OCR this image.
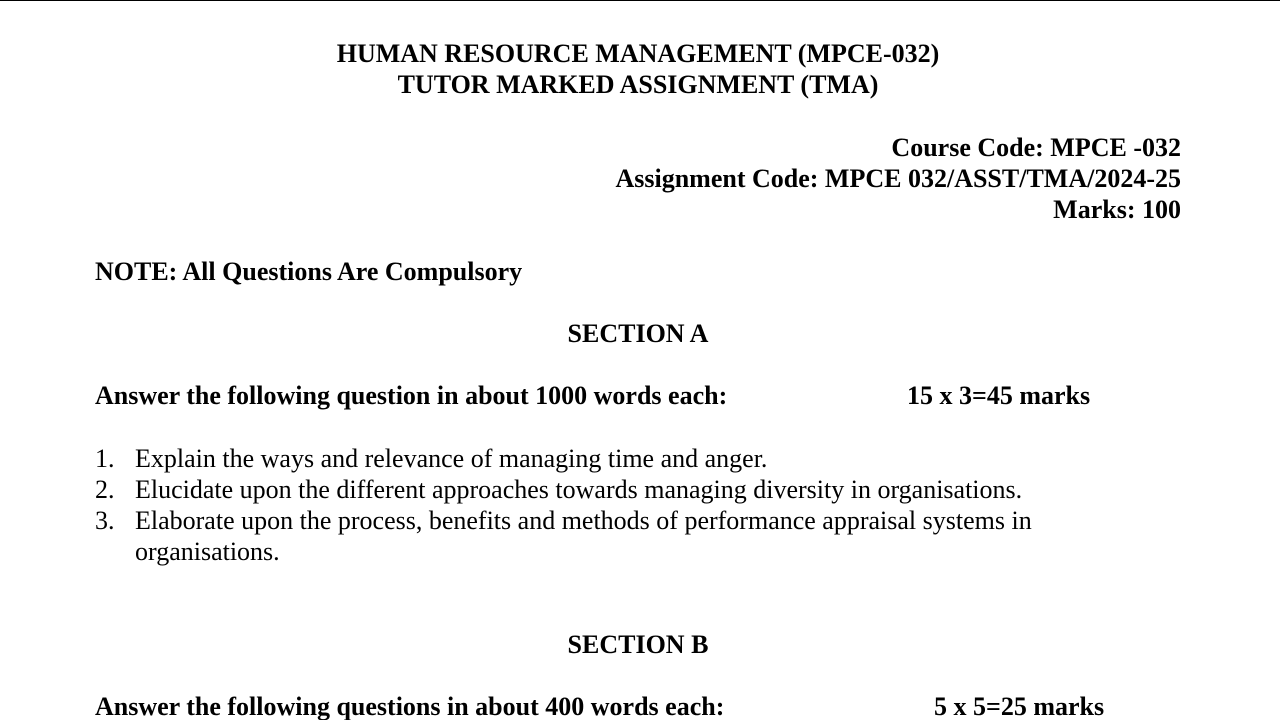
HUMAN RESOURCE MANAGEMENT (MPCE-032)
TUTOR MARKED ASSIGNMENT (TMA)
Course Code: MPCE -032
Assignment Code: MPCE 032/ASST/TMA/2024-25
Marks: 100
NOTE: All Questions Are Compulsory
SECTION A
Answer the following question in about 1000 words each:	15 x 3=45 marks
1. Explain the ways and relevance of managing time and anger.
2. Elucidate upon the different approaches towards managing diversity in organisations.
3. Elaborate upon the process, benefits and methods of performance appraisal systems in organisations.
SECTION B
Answer the following questions in about 400 words each:	5 x 5=25 marks
